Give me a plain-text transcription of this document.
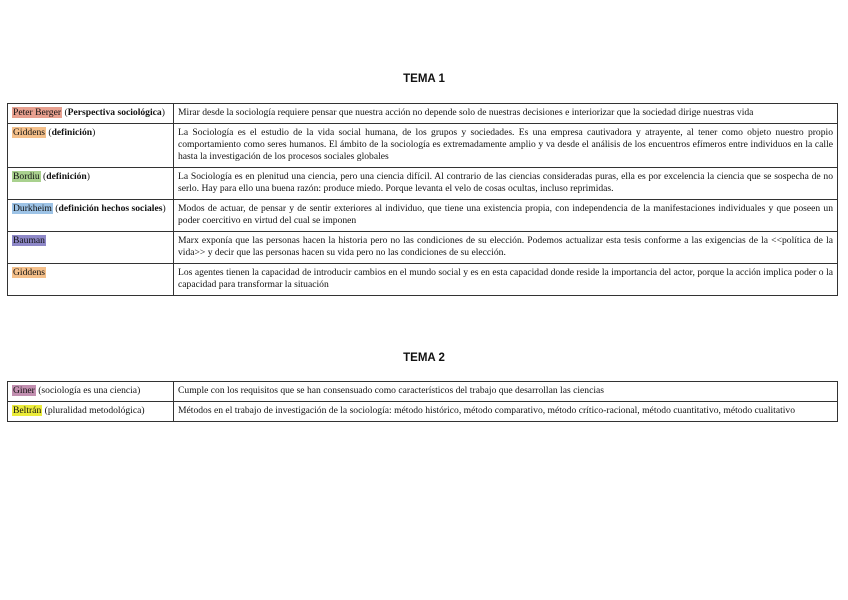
TEMA 1
Peter Berger (Perspectiva sociológica)	Mirar desde la sociología requiere pensar que nuestra acción no depende solo de nuestras decisiones e interiorizar que la sociedad dirige nuestras vida
Giddens (definición)	La Sociología es el estudio de la vida social humana, de los grupos y sociedades. Es una empresa cautivadora y atrayente, al tener como objeto nuestro propio comportamiento como seres humanos. El ámbito de la sociología es extremadamente amplio y va desde el análisis de los encuentros efímeros entre individuos en la calle hasta la investigación de los procesos sociales globales
Bordiu (definición)	La Sociología es en plenitud una ciencia, pero una ciencia difícil. Al contrario de las ciencias consideradas puras, ella es por excelencia la ciencia que se sospecha de no serlo. Hay para ello una buena razón: produce miedo. Porque levanta el velo de cosas ocultas, incluso reprimidas.
Durkheim (definición hechos sociales)	Modos de actuar, de pensar y de sentir exteriores al individuo, que tiene una existencia propia, con independencia de la manifestaciones individuales y que poseen un poder coercitivo en virtud del cual se imponen
Bauman	Marx exponía que las personas hacen la historia pero no las condiciones de su elección. Podemos actualizar esta tesis conforme a las exigencias de la <<política de la vida>> y decir que las personas hacen su vida pero no las condiciones de su elección.
Giddens	Los agentes tienen la capacidad de introducir cambios en el mundo social y es en esta capacidad donde reside la importancia del actor, porque la acción implica poder o la capacidad para transformar la situación
TEMA 2
Giner (sociología es una ciencia)	Cumple con los requisitos que se han consensuado como característicos del trabajo que desarrollan las ciencias
Beltrán (pluralidad metodológica)	Métodos en el trabajo de investigación de la sociología: método histórico, método comparativo, método crítico-racional, método cuantitativo, método cualitativo
